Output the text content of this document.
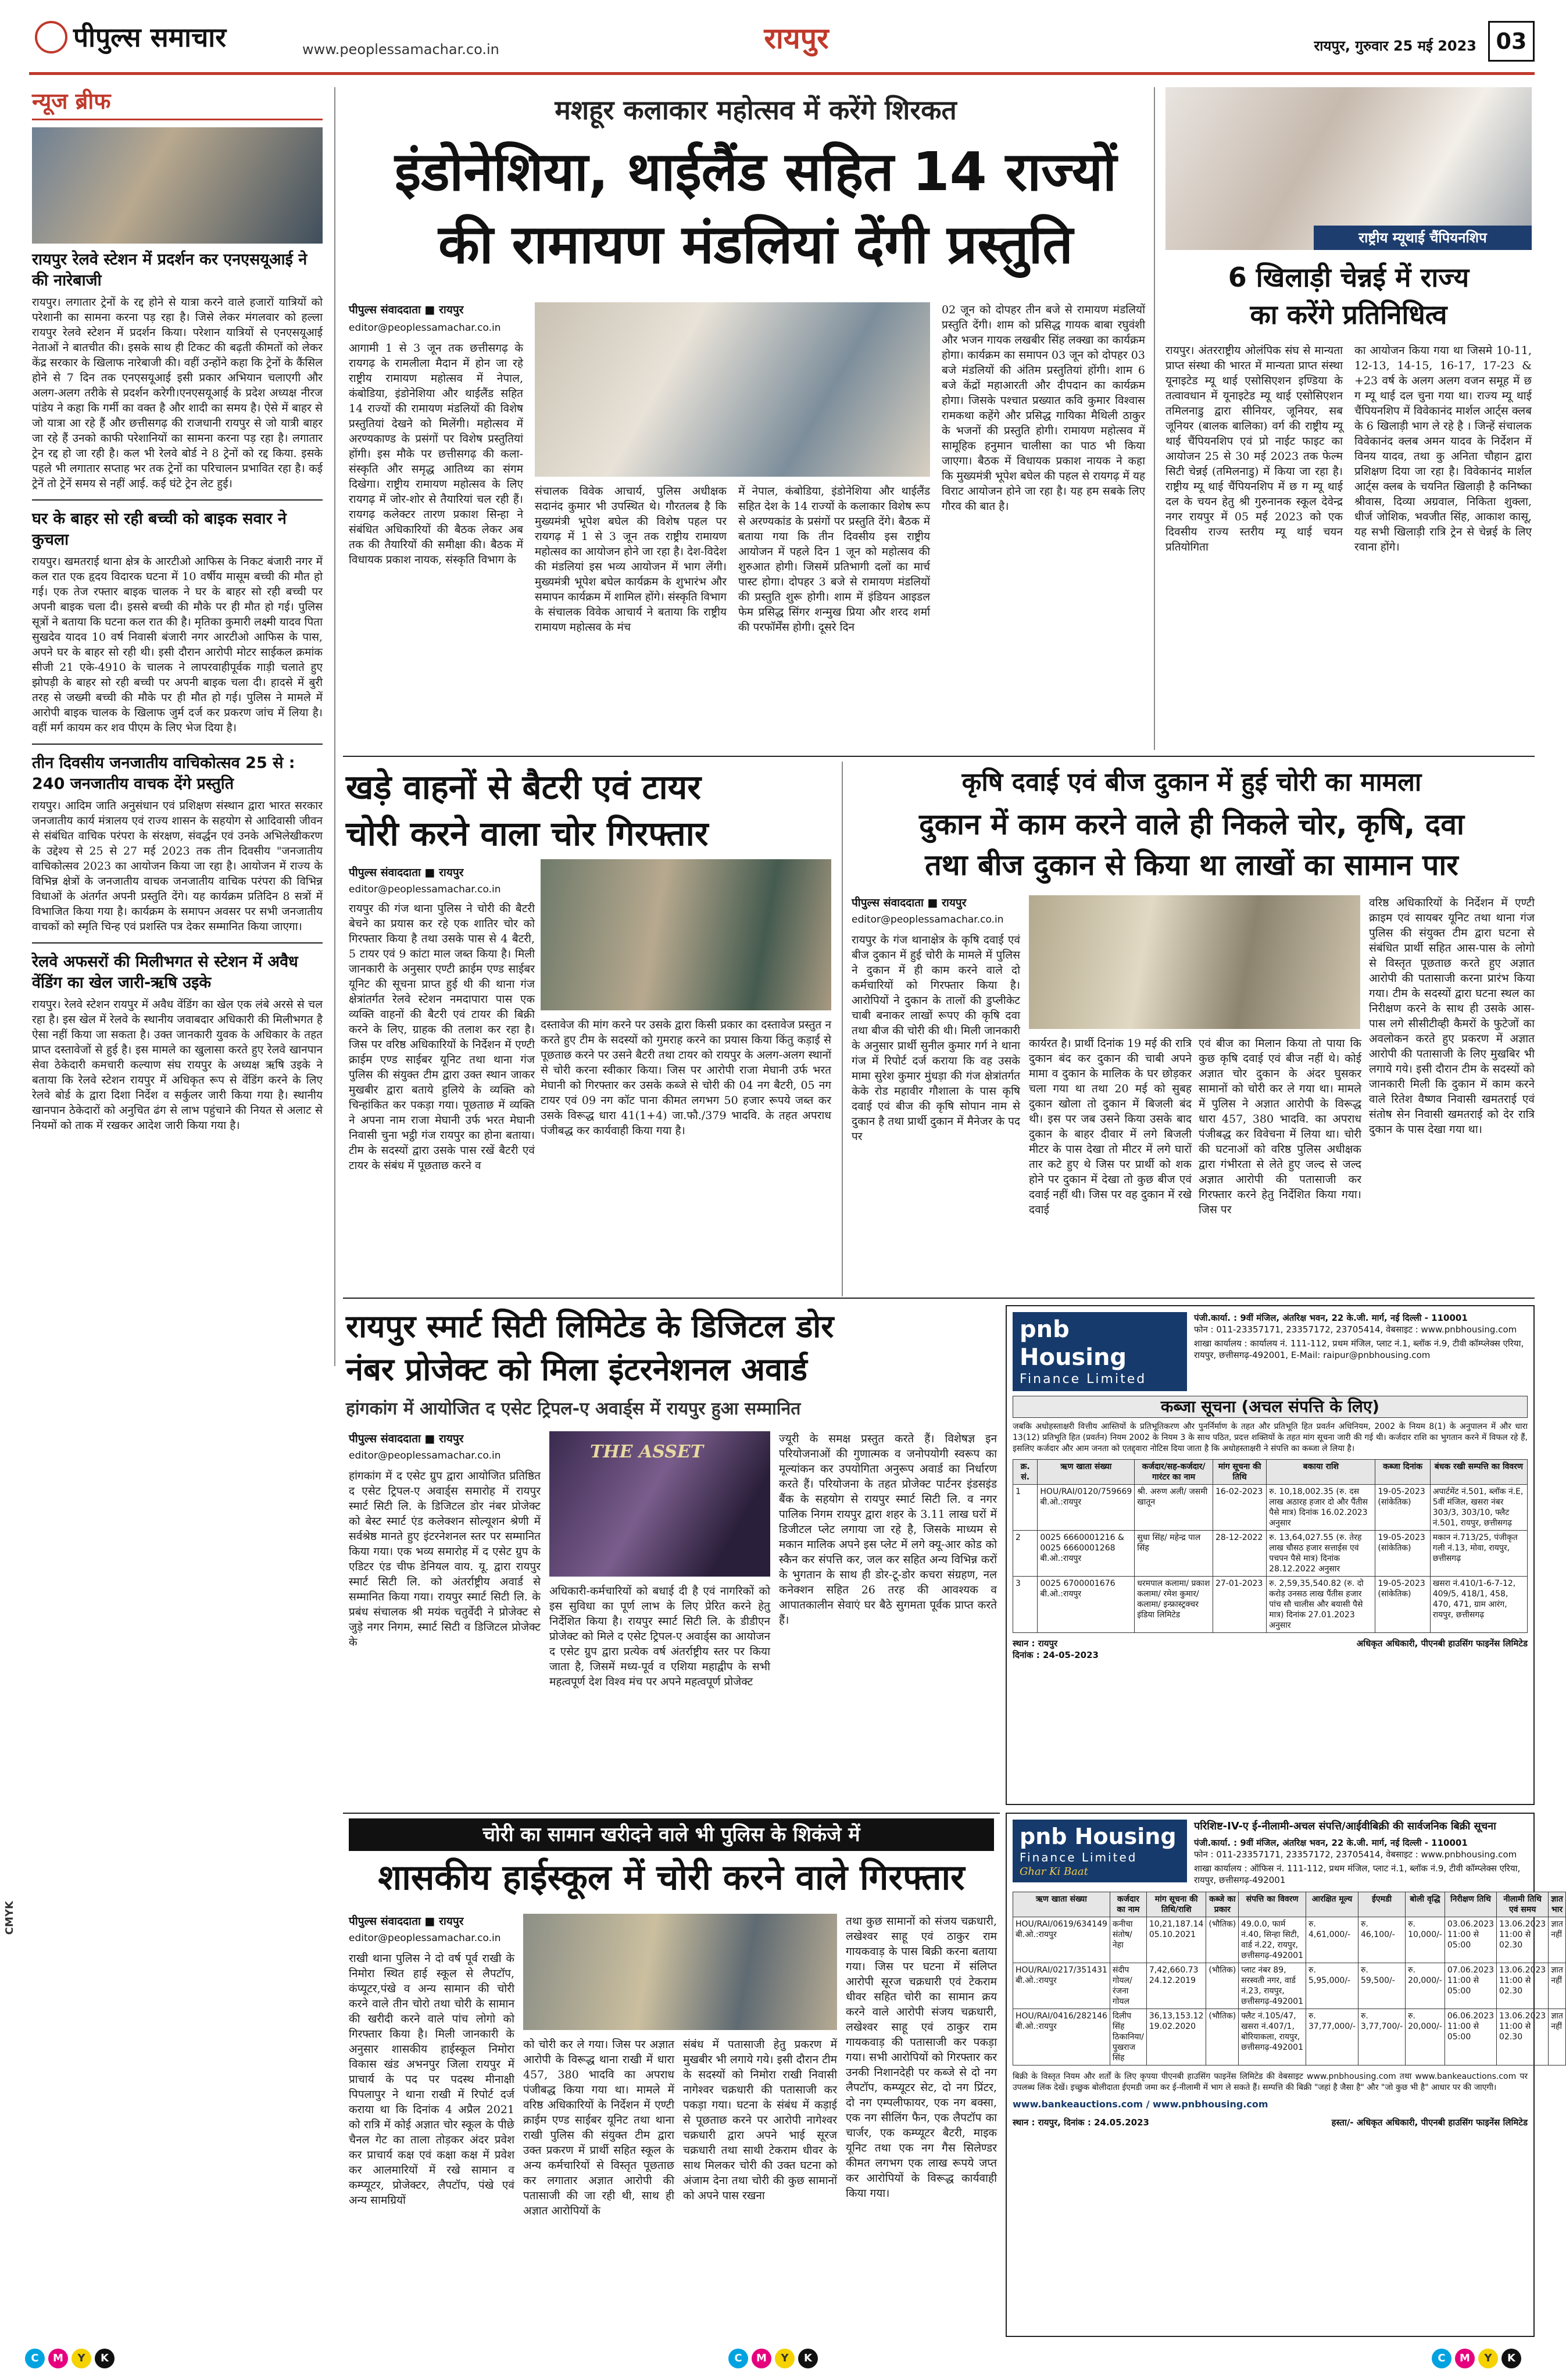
पीपुल्स समाचार	www.peoplessamachar.co.in	रायपुर	रायपुर, गुरुवार 25 मई 2023 03
न्यूज ब्रीफ
रायपुर रेलवे स्टेशन में प्रदर्शन कर एनएसयूआई ने की नारेबाजी

रायपुर। लगातार ट्रेनों के रद्द होने से यात्रा करने वाले हजारों यात्रियों को परेशानी का सामना करना पड़ रहा है। जिसे लेकर मंगलवार को हल्ला रायपुर रेलवे स्टेशन में प्रदर्शन किया। परेशान यात्रियों से एनएसयूआई नेताओं ने बातचीत की। इसके साथ ही टिकट की बढ़ती कीमतों को लेकर केंद्र सरकार के खिलाफ नारेबाजी की। वहीं उन्होंने कहा कि ट्रेनों के कैंसिल होने से 7 दिन तक एनएसयूआई इसी प्रकार अभियान चलाएगी और अलग-अलग तरीके से प्रदर्शन करेगी।एनएसयूआई के प्रदेश अध्यक्ष नीरज पांडेय ने कहा कि गर्मी का वक्त है और शादी का समय है। ऐसे में बाहर से जो यात्रा आ रहे हैं और छत्तीसगढ़ की राजधानी रायपुर से जो यात्री बाहर जा रहे हैं उनको काफी परेशानियों का सामना करना पड़ रहा है। लगातार ट्रेन रद्द हो जा रही है। कल भी रेलवे बोर्ड ने 8 ट्रेनों को रद्द किया. इसके पहले भी लगातार सप्ताह भर तक ट्रेनों का परिचालन प्रभावित रहा है। कई ट्रेनें तो ट्रेनें समय से नहीं आई. कई घंटे ट्रेन लेट हुई।

घर के बाहर सो रही बच्ची को बाइक सवार ने कुचला

रायपुर। खमतराई थाना क्षेत्र के आरटीओ आफिस के निकट बंजारी नगर में कल रात एक हृदय विदारक घटना में 10 वर्षीय मासूम बच्ची की मौत हो गई। एक तेज रफ्तार बाइक चालक ने घर के बाहर सो रही बच्ची पर अपनी बाइक चला दी। इससे बच्ची की मौके पर ही मौत हो गई। पुलिस सूत्रों ने बताया कि घटना कल रात की है। मृतिका कुमारी लक्ष्मी यादव पिता सुखदेव यादव 10 वर्ष निवासी बंजारी नगर आरटीओ आफिस के पास, अपने घर के बाहर सो रही थी। इसी दौरान आरोपी मोटर साईकल क्रमांक सीजी 21 एके-4910 के चालक ने लापरवाहीपूर्वक गाड़ी चलाते हुए झोपड़ी के बाहर सो रही बच्ची पर अपनी बाइक चला दी। हादसे में बुरी तरह से जख्मी बच्ची की मौके पर ही मौत हो गई। पुलिस ने मामले में आरोपी बाइक चालक के खिलाफ जुर्म दर्ज कर प्रकरण जांच में लिया है। वहीं मर्ग कायम कर शव पीएम के लिए भेज दिया है।

तीन दिवसीय जनजातीय वाचिकोत्सव 25 से : 240 जनजातीय वाचक देंगे प्रस्तुति

रायपुर। आदिम जाति अनुसंधान एवं प्रशिक्षण संस्थान द्वारा भारत सरकार जनजातीय कार्य मंत्रालय एवं राज्य शासन के सहयोग से आदिवासी जीवन से संबंधित वाचिक परंपरा के संरक्षण, संवर्द्धन एवं उनके अभिलेखीकरण के उद्देश्य से 25 से 27 मई 2023 तक तीन दिवसीय "जनजातीय वाचिकोत्सव 2023 का आयोजन किया जा रहा है। आयोजन में राज्य के विभिन्न क्षेत्रों के जनजातीय वाचक जनजातीय वाचिक परंपरा की विभिन्न विधाओं के अंतर्गत अपनी प्रस्तुति देंगे। यह कार्यक्रम प्रतिदिन 8 सत्रों में विभाजित किया गया है। कार्यक्रम के समापन अवसर पर सभी जनजातीय वाचकों को स्मृति चिन्ह एवं प्रशस्ति पत्र देकर सम्मानित किया जाएगा।

रेलवे अफसरों की मिलीभगत से स्टेशन में अवैध वेंडिंग का खेल जारी-ऋषि उइके

रायपुर। रेलवे स्टेशन रायपुर में अवैध वेंडिंग का खेल एक लंबे अरसे से चल रहा है। इस खेल में रेलवे के स्थानीय जवाबदार अधिकारी की मिलीभगत है ऐसा नहीं किया जा सकता है। उक्त जानकारी युवक के अधिकार के तहत प्राप्त दस्तावेजों से हुई है। इस मामले का खुलासा करते हुए रेलवे खानपान सेवा ठेकेदारी कमचारी कल्याण संघ रायपुर के अध्यक्ष ऋषि उइके ने बताया कि रेलवे स्टेशन रायपुर में अधिकृत रूप से वेंडिंग करने के लिए रेलवे बोर्ड के द्वारा दिशा निर्देश व सर्कुलर जारी किया गया है। स्थानीय खानपान ठेकेदारों को अनुचित ढंग से लाभ पहुंचाने की नियत से अलाट से नियमों को ताक में रखकर आदेश जारी किया गया है।

मशहूर कलाकार महोत्सव में करेंगे शिरकत
इंडोनेशिया, थाईलैंड सहित 14 राज्यों
की रामायण मंडलियां देंगी प्रस्तुति
पीपुल्स संवाददाता ■ रायपुर
editor@peoplessamachar.co.in

आगामी 1 से 3 जून तक छत्तीसगढ़ के रायगढ़ के रामलीला मैदान में होन जा रहे राष्ट्रीय रामायण महोत्सव में नेपाल, कंबोडिया, इंडोनेशिया और थाईलैंड सहित 14 राज्यों की रामायण मंडलियों की विशेष प्रस्तुतियां देखने को मिलेंगी। महोत्सव में अरण्यकाण्ड के प्रसंगों पर विशेष प्रस्तुतियां होंगी। इस मौके पर छत्तीसगढ़ की कला-संस्कृति और समृद्ध आतिथ्य का संगम दिखेगा। राष्ट्रीय रामायण महोत्सव के लिए रायगढ़ में जोर-शोर से तैयारियां चल रही हैं। रायगढ़ कलेक्टर तारण प्रकाश सिन्हा ने संबंधित अधिकारियों की बैठक लेकर अब तक की तैयारियों की समीक्षा की। बैठक में विधायक प्रकाश नायक, संस्कृति विभाग के

संचालक विवेक आचार्य, पुलिस अधीक्षक सदानंद कुमार भी उपस्थित थे। गौरतलब है कि मुख्यमंत्री भूपेश बघेल की विशेष पहल पर रायगढ़ में 1 से 3 जून तक राष्ट्रीय रामायण महोत्सव का आयोजन होने जा रहा है। देश-विदेश की मंडलियां इस भव्य आयोजन में भाग लेंगी। मुख्यमंत्री भूपेश बघेल कार्यक्रम के शुभारंभ और समापन कार्यक्रम में शामिल होंगे। संस्कृति विभाग के संचालक विवेक आचार्य ने बताया कि राष्ट्रीय रामायण महोत्सव के मंच

में नेपाल, कंबोडिया, इंडोनेशिया और थाईलैंड सहित देश के 14 राज्यों के कलाकार विशेष रूप से अरण्यकांड के प्रसंगों पर प्रस्तुति देंगे। बैठक में बताया गया कि तीन दिवसीय इस राष्ट्रीय आयोजन में पहले दिन 1 जून को महोत्सव की शुरुआत होगी। जिसमें प्रतिभागी दलों का मार्च पास्ट होगा। दोपहर 3 बजे से रामायण मंडलियों की प्रस्तुति शुरू होगी। शाम में इंडियन आइडल फेम प्रसिद्ध सिंगर शन्मुख प्रिया और शरद शर्मा की परफॉर्मेंस होगी। दूसरे दिन

02 जून को दोपहर तीन बजे से रामायण मंडलियों प्रस्तुति देंगी। शाम को प्रसिद्ध गायक बाबा रघुवंशी और भजन गायक लखबीर सिंह लक्खा का कार्यक्रम होगा। कार्यक्रम का समापन 03 जून को दोपहर 03 बजे मंडलियों की अंतिम प्रस्तुतियां होंगी। शाम 6 बजे केंद्रों महाआरती और दीपदान का कार्यक्रम होगा। जिसके पश्चात प्रख्यात कवि कुमार विश्वास रामकथा कहेंगे और प्रसिद्ध गायिका मैथिली ठाकुर के भजनों की प्रस्तुति होगी। रामायण महोत्सव में सामूहिक हनुमान चालीसा का पाठ भी किया जाएगा। बैठक में विधायक प्रकाश नायक ने कहा कि मुख्यमंत्री भूपेश बघेल की पहल से रायगढ़ में यह विराट आयोजन होने जा रहा है। यह हम सबके लिए गौरव की बात है।

राष्ट्रीय म्यूथाई चैंपियनशिप
6 खिलाड़ी चेन्नई में राज्य
का करेंगे प्रतिनिधित्व

रायपुर। अंतरराष्ट्रीय ओलंपिक संघ से मान्यता प्राप्त संस्था की भारत में मान्यता प्राप्त संस्था यूनाइटेड म्यू थाई एसोसिएशन इण्डिया के तत्वावधान में यूनाइटेड म्यू थाई एसोसिएशन तमिलनाडु द्वारा सीनियर, जूनियर, सब जूनियर (बालक बालिका) वर्ग की राष्ट्रीय म्यू थाई चैंपियनशिप एवं प्रो नाईट फाइट का आयोजन 25 से 30 मई 2023 तक फेल्म सिटी चेन्नई (तमिलनाडु) में किया जा रहा है। राष्ट्रीय म्यू थाई चैंपियनशिप में छ ग म्यू थाई दल के चयन हेतु श्री गुरुनानक स्कूल देवेन्द्र नगर रायपुर में 05 मई 2023 को एक दिवसीय राज्य स्तरीय म्यू थाई चयन प्रतियोगिता

का आयोजन किया गया था जिसमे 10-11, 12-13, 14-15, 16-17, 17-23 & +23 वर्ष के अलग अलग वजन समूह में छ ग म्यू थाई दल चुना गया था। राज्य म्यू थाई चैंपियनशिप में विवेकानंद मार्शल आर्ट्स क्लब के 6 खिलाड़ी भाग ले रहे है । जिन्हें संचालक विवेकानंद क्लब अमन यादव के निर्देशन में विनय यादव, तथा कु अनिता चौहान द्वारा प्रशिक्षण दिया जा रहा है। विवेकानंद मार्शल आर्ट्स क्लब के चयनित खिलाड़ी है कनिष्का श्रीवास, दिव्या अग्रवाल, निकिता शुक्ला, धीर्ज जोशिक, भवजीत सिंह, आकाश कासू, यह सभी खिलाड़ी रात्रि ट्रेन से चेन्नई के लिए रवाना होंगे।

खड़े वाहनों से बैटरी एवं टायर
चोरी करने वाला चोर गिरफ्तार
पीपुल्स संवाददाता ■ रायपुर
editor@peoplessamachar.co.in

रायपुर की गंज थाना पुलिस ने चोरी की बैटरी बेचने का प्रयास कर रहे एक शातिर चोर को गिरफ्तार किया है तथा उसके पास से 4 बैटरी, 5 टायर एवं 9 कांटा माल जब्त किया है। मिली जानकारी के अनुसार एण्टी क्राईम एण्ड साईबर यूनिट की सूचना प्राप्त हुई थी की थाना गंज क्षेत्रांतर्गत रेलवे स्टेशन नमदापारा पास एक व्यक्ति वाहनों की बैटरी एवं टायर की बिक्री करने के लिए, ग्राहक की तलाश कर रहा है। जिस पर वरिष्ठ अधिकारियों के निर्देशन में एण्टी क्राईम एण्ड साईबर यूनिट तथा थाना गंज पुलिस की संयुक्त टीम द्वारा उक्त स्थान जाकर मुखबीर द्वारा बताये हुलिये के व्यक्ति को चिन्हांकित कर पकड़ा गया। पूछताछ में व्यक्ति ने अपना नाम राजा मेघानी उर्फ भरत मेघानी निवासी चुना भट्ठी गंज रायपुर का होना बताया। टीम के सदस्यों द्वारा उसके पास रखें बैटरी एवं टायर के संबंध में पूछताछ करने व

दस्तावेज की मांग करने पर उसके द्वारा किसी प्रकार का दस्तावेज प्रस्तुत न करते हुए टीम के सदस्यों को गुमराह करने का प्रयास किया किंतु कड़ाई से पूछताछ करने पर उसने बैटरी तथा टायर को रायपुर के अलग-अलग स्थानों से चोरी करना स्वीकार किया। जिस पर आरोपी राजा मेघानी उर्फ भरत मेघानी को गिरफ्तार कर उसके कब्जे से चोरी की 04 नग बैटरी, 05 नग टायर एवं 09 नग कॉट पाना कीमत लगभग 50 हजार रूपये जब्त कर उसके विरूद्ध धारा 41(1+4) जा.फौ./379 भादवि. के तहत अपराध पंजीबद्ध कर कार्यवाही किया गया है।

कृषि दवाई एवं बीज दुकान में हुई चोरी का मामला
दुकान में काम करने वाले ही निकले चोर, कृषि, दवा
तथा बीज दुकान से किया था लाखों का सामान पार
पीपुल्स संवाददाता ■ रायपुर
editor@peoplessamachar.co.in

रायपुर के गंज थानाक्षेत्र के कृषि दवाई एवं बीज दुकान में हुई चोरी के मामले में पुलिस ने दुकान में ही काम करने वाले दो कर्मचारियों को गिरफ्तार किया है। आरोपियों ने दुकान के तालों की डुप्लीकेट चाबी बनाकर लाखों रूपए की कृषि दवा तथा बीज की चोरी की थी। मिली जानकारी के अनुसार प्रार्थी सुनील कुमार गर्ग ने थाना गंज में रिपोर्ट दर्ज कराया कि वह उसके मामा सुरेश कुमार मुंधड़ा की गंज क्षेत्रांतर्गत केके रोड महावीर गौशाला के पास कृषि दवाई एवं बीज की कृषि सोपान नाम से दुकान है तथा प्रार्थी दुकान में मैनेजर के पद पर

कार्यरत है। प्रार्थी दिनांक 19 मई की रात्रि दुकान बंद कर दुकान की चाबी अपने मामा व दुकान के मालिक के घर छोड़कर चला गया था तथा 20 मई को सुबह दुकान खोला तो दुकान में बिजली बंद थी। इस पर जब उसने किया उसके बाद दुकान के बाहर दीवार में लगे बिजली मीटर के पास देखा तो मीटर में लगे घारों तार कटे हुए थे जिस पर प्रार्थी को शक होने पर दुकान में देखा तो कुछ बीज एवं दवाई नहीं थी। जिस पर वह दुकान में रखे दवाई

एवं बीज का मिलान किया तो पाया कि कुछ कृषि दवाई एवं बीज नहीं थे। कोई अज्ञात चोर दुकान के अंदर घुसकर सामानों को चोरी कर ले गया था। मामले में पुलिस ने अज्ञात आरोपी के विरूद्ध धारा 457, 380 भादवि. का अपराध पंजीबद्ध कर विवेचना में लिया था। चोरी की घटनाओं को वरिष्ठ पुलिस अधीक्षक द्वारा गंभीरता से लेते हुए जल्द से जल्द अज्ञात आरोपी की पतासाजी कर गिरफ्तार करने हेतु निर्देशित किया गया। जिस पर

वरिष्ठ अधिकारियों के निर्देशन में एण्टी क्राइम एवं सायबर यूनिट तथा थाना गंज पुलिस की संयुक्त टीम द्वारा घटना से संबंधित प्रार्थी सहित आस-पास के लोगो से विस्तृत पूछताछ करते हुए अज्ञात आरोपी की पतासाजी करना प्रारंभ किया गया। टीम के सदस्यों द्वारा घटना स्थल का निरीक्षण करने के साथ ही उसके आस-पास लगे सीसीटीव्ही कैमरों के फुटेजों का अवलोकन करते हुए प्रकरण में अज्ञात आरोपी की पतासाजी के लिए मुखबिर भी लगाये गये। इसी दौरान टीम के सदस्यों को जानकारी मिली कि दुकान में काम करने वाले रितेश वैष्णव निवासी खमतराई एवं संतोष सेन निवासी खमतराई को देर रात्रि दुकान के पास देखा गया था।

रायपुर स्मार्ट सिटी लिमिटेड के डिजिटल डोर
नंबर प्रोजेक्ट को मिला इंटरनेशनल अवार्ड
हांगकांग में आयोजित द एसेट ट्रिपल-ए अवार्ड्स में रायपुर हुआ सम्मानित
पीपुल्स संवाददाता ■ रायपुर
editor@peoplessamachar.co.in

हांगकांग में द एसेट ग्रुप द्वारा आयोजित प्रतिष्ठित द एसेट ट्रिपल-ए अवार्ड्स समारोह में रायपुर स्मार्ट सिटी लि. के डिजिटल डोर नंबर प्रोजेक्ट को बेस्ट स्मार्ट एंड कलेक्शन सोल्यूशन श्रेणी में सर्वश्रेष्ठ मानते हुए इंटरनेशनल स्तर पर सम्मानित किया गया। एक भव्य समारोह में द एसेट ग्रुप के एडिटर एंड चीफ डेनियल वाय. यू. द्वारा रायपुर स्मार्ट सिटी लि. को अंतर्राष्ट्रीय अवार्ड से सम्मानित किया गया। रायपुर स्मार्ट सिटी लि. के प्रबंध संचालक श्री मयंक चतुर्वेदी ने प्रोजेक्ट से जुड़े नगर निगम, स्मार्ट सिटी व डिजिटल प्रोजेक्ट के

THE ASSET

अधिकारी-कर्मचारियों को बधाई दी है एवं नागरिकों को इस सुविधा का पूर्ण लाभ के लिए प्रेरित करने हेतु निर्देशित किया है। रायपुर स्मार्ट सिटी लि. के डीडीएन प्रोजेक्ट को मिले द एसेट ट्रिपल-ए अवार्ड्स का आयोजन द एसेट ग्रुप द्वारा प्रत्येक वर्ष अंतर्राष्ट्रीय स्तर पर किया जाता है, जिसमें मध्य-पूर्व व एशिया महाद्वीप के सभी महत्वपूर्ण देश विश्व मंच पर अपने महत्वपूर्ण प्रोजेक्ट

ज्यूरी के समक्ष प्रस्तुत करते हैं। विशेषज्ञ इन परियोजनाओं की गुणात्मक व जनोपयोगी स्वरूप का मूल्यांकन कर उपयोगिता अनुरूप अवार्ड का निर्धारण करते हैं। परियोजना के तहत प्रोजेक्ट पार्टनर इंडसइंड बैंक के सहयोग से रायपुर स्मार्ट सिटी लि. व नगर पालिक निगम रायपुर द्वारा शहर के 3.11 लाख घरों में डिजीटल प्लेट लगाया जा रहे है, जिसके माध्यम से मकान मालिक अपने इस प्लेट में लगे क्यू-आर कोड को स्कैन कर संपत्ति कर, जल कर सहित अन्य विभिन्न करों के भुगतान के साथ ही डोर-टू-डोर कचरा संग्रहण, नल कनेक्शन सहित 26 तरह की आवश्यक व आपातकालीन सेवाएं घर बैठे सुगमता पूर्वक प्राप्त करते हैं।

pnb Housing
Finance Limited
पंजी.कार्या. : 9वीं मंजिल, अंतरिक्ष भवन, 22 के.जी. मार्ग, नई दिल्ली - 110001
फोन : 011-23357171, 23357172, 23705414, वेबसाइट : www.pnbhousing.com
शाखा कार्यालय : कार्यालय नं. 111-112, प्रथम मंजिल, प्लाट नं.1, ब्लॉक नं.9, टीवी कॉम्प्लेक्स एरिया, रायपुर, छत्तीसगढ़-492001, E-Mail: raipur@pnbhousing.com
कब्जा सूचना (अचल संपत्ति के लिए)

जबकि अधोहस्ताक्षरी वित्तीय आस्तियों के प्रतिभूतिकरण और पुनर्निर्माण के तहत और प्रतिभूति हित प्रवर्तन अधिनियम, 2002 के नियम 8(1) के अनुपालन में और धारा 13(12) प्रतिभूति हित (प्रवर्तन) नियम 2002 के नियम 3 के साथ पठित, प्रदत्त शक्तियों के तहत मांग सूचना जारी की गई थी। कर्जदार राशि का भुगतान करने में विफल रहे हैं, इसलिए कर्जदार और आम जनता को एतद्द्वारा नोटिस दिया जाता है कि अधोहस्ताक्षरी ने संपत्ति का कब्जा ले लिया है।

क्र. सं.	ऋण खाता संख्या	कर्जदार/सह-कर्जदार/गारंटर का नाम	मांग सूचना की तिथि	बकाया राशि	कब्जा दिनांक	बंधक रखी सम्पत्ति का विवरण
1	HOU/RAI/0120/759669 बी.ओ.:रायपुर	श्री. अरुण अली/ जसमी खातून	16-02-2023	रु. 10,18,002.35 (रु. दस लाख अठारह हजार दो और पैंतीस पैसे मात्र) दिनांक 16.02.2023 अनुसार	19-05-2023 (सांकेतिक)	अपार्टमेंट नं.501, ब्लॉक नं.E, 5वीं मंजिल, खसरा नंबर 303/3, 303/10, फ्लैट नं.501, रायपुर, छत्तीसगढ़
2	0025 6660001216 & 0025 6660001268 बी.ओ.:रायपुर	सुधा सिंह/ महेन्द्र पाल सिंह	28-12-2022	रु. 13,64,027.55 (रु. तेरह लाख चौसठ हजार सत्ताईस एवं पचपन पैसे मात्र) दिनांक 28.12.2022 अनुसार	19-05-2023 (सांकेतिक)	मकान नं.713/25, पंजीकृत गली नं.13, मोवा, रायपुर, छत्तीसगढ़
3	0025 6700001676 बी.ओ.:रायपुर	धरमपाल कलामा/ प्रकाश कलामा/ रमेश कुमार/ कलामा/ इन्फ्रास्ट्रक्चर इंडिया लिमिटेड	27-01-2023	रु. 2,59,35,540.82 (रु. दो करोड़ उनसठ लाख पैंतीस हजार पांच सौ चालीस और बयासी पैसे मात्र) दिनांक 27.01.2023 अनुसार	19-05-2023 (सांकेतिक)	खसरा नं.410/1-6-7-12, 409/5, 418/1, 458, 470, 471, ग्राम आरंग, रायपुर, छत्तीसगढ़
स्थान : रायपुर
दिनांक : 24-05-2023
अधिकृत अधिकारी, पीएनबी हाउसिंग फाइनेंस लिमिटेड
चोरी का सामान खरीदने वाले भी पुलिस के शिकंजे में
शासकीय हाईस्कूल में चोरी करने वाले गिरफ्तार
पीपुल्स संवाददाता ■ रायपुर
editor@peoplessamachar.co.in

राखी थाना पुलिस ने दो वर्ष पूर्व राखी के निमोरा स्थित हाई स्कूल से लैपटॉप, कंप्यूटर,पंखे व अन्य सामान की चोरी करने वाले तीन चोरो तथा चोरी के सामान की खरीदी करने वाले पांच लोगो को गिरफ्तार किया है। मिली जानकारी के अनुसार शासकीय हाईस्कूल निमोरा विकास खंड अभनपुर जिला रायपुर में प्राचार्य के पद पर पदस्थ मीनाक्षी पिपलापुर ने थाना राखी में रिपोर्ट दर्ज कराया था कि दिनांक 4 अप्रैल 2021 को रात्रि में कोई अज्ञात चोर स्कूल के पीछे चैनल गेट का ताला तोड़कर अंदर प्रवेश कर प्राचार्य कक्ष एवं कक्षा कक्ष में प्रवेश कर आलमारियों में रखे सामान व कम्प्यूटर, प्रोजेक्टर, लैपटॉप, पंखे एवं अन्य सामग्रियों

को चोरी कर ले गया। जिस पर अज्ञात आरोपी के विरूद्ध थाना राखी में धारा 457, 380 भादवि का अपराध पंजीबद्ध किया गया था। मामले में वरिष्ठ अधिकारियों के निर्देशन में एण्टी क्राईम एण्ड साईबर यूनिट तथा थाना राखी पुलिस की संयुक्त टीम द्वारा उक्त प्रकरण में प्रार्थी सहित स्कूल के अन्य कर्मचारियों से विस्तृत पूछताछ कर लगातार अज्ञात आरोपी की पतासाजी की जा रही थी, साथ ही अज्ञात आरोपियों के

संबंध में पतासाजी हेतु प्रकरण में मुखबीर भी लगाये गये। इसी दौरान टीम के सदस्यों को निमोरा राखी निवासी नागेश्वर चक्रधारी की पतासाजी कर पकड़ा गया। घटना के संबंध में कड़ाई से पूछताछ करने पर आरोपी नागेश्वर चक्रधारी द्वारा अपने भाई सूरज चक्रधारी तथा साथी टेकराम धीवर के साथ मिलकर चोरी की उक्त घटना को अंजाम देना तथा चोरी की कुछ सामानों को अपने पास रखना

तथा कुछ सामानों को संजय चक्रधारी, लखेश्वर साहू एवं ठाकुर राम गायकवाड़ के पास बिक्री करना बताया गया। जिस पर घटना में संलिप्त आरोपी सूरज चक्रधारी एवं टेकराम धीवर सहित चोरी का सामान क्रय करने वाले आरोपी संजय चक्रधारी, लखेश्वर साहू एवं ठाकुर राम गायकवाड़ की पतासाजी कर पकड़ा गया। सभी आरोपियों को गिरफ्तार कर उनकी निशानदेही पर कब्जे से दो नग लैपटॉप, कम्प्यूटर सेट, दो नग प्रिंटर, दो नग एम्पलीफायर, एक नग बक्सा, एक नग सीलिंग फैन, एक लैपटॉप का चार्जर, एक कम्प्यूटर बैटरी, माइक यूनिट तथा एक नग गैस सिलेण्डर कीमत लगभग एक लाख रूपये जप्त कर आरोपियों के विरूद्ध कार्यवाही किया गया।

pnb Housing
Finance Limited
Ghar Ki Baat
परिशिष्ट-IV-ए ई-नीलामी-अचल संपत्ति/आईवीबिक्री की सार्वजनिक बिक्री सूचना
पंजी.कार्या. : 9वीं मंजिल, अंतरिक्ष भवन, 22 के.जी. मार्ग, नई दिल्ली - 110001
फोन : 011-23357171, 23357172, 23705414, वेबसाइट : www.pnbhousing.com
शाखा कार्यालय : ऑफिस नं. 111-112, प्रथम मंजिल, प्लाट नं.1, ब्लॉक नं.9, टीवी कॉम्प्लेक्स एरिया, रायपुर, छत्तीसगढ़-492001
ऋण खाता संख्या	कर्जदार का नाम	मांग सूचना की तिथि/राशि	कब्जे का प्रकार	संपत्ति का विवरण	आरक्षित मूल्य	ईएमडी	बोली वृद्धि	निरीक्षण तिथि	नीलामी तिथि एवं समय	ज्ञात भार
HOU/RAI/0619/634149 बी.ओ.:रायपुर	कनीचा संतोष/ नेहा	10,21,187.14 05.10.2021	(भौतिक)	49.0.0, फार्म नं.40, सिन्हा सिटी, वार्ड नं.22, रायपुर, छत्तीसगढ़-492001	रु. 4,61,000/-	रु. 46,100/-	रु. 10,000/-	03.06.2023 11:00 से 05:00	13.06.2023 11:00 से 02.30	ज्ञात नहीं
HOU/RAI/0217/351431 बी.ओ.:रायपुर	संदीप गोयल/ रंजना गोयल	7,42,660.73 24.12.2019	(भौतिक)	प्लाट नंबर 89, सरस्वती नगर, वार्ड नं.23, रायपुर, छत्तीसगढ़-492001	रु. 5,95,000/-	रु. 59,500/-	रु. 20,000/-	07.06.2023 11:00 से 05:00	13.06.2023 11:00 से 02.30	ज्ञात नहीं
HOU/RAI/0416/282146 बी.ओ.:रायपुर	दिलीप सिंह ठिकानिया/ पुखराज सिंह	36,13,153.12 19.02.2020	(भौतिक)	फ्लैट नं.105/47, खसरा नं.407/1, बोरियाकला, रायपुर, छत्तीसगढ़-492001	रु. 37,77,000/-	रु. 3,77,700/-	रु. 20,000/-	06.06.2023 11:00 से 05:00	13.06.2023 11:00 से 02.30	ज्ञात नहीं

बिक्री के विस्तृत नियम और शर्तों के लिए कृपया पीएनबी हाउसिंग फाइनेंस लिमिटेड की वेबसाइट www.pnbhousing.com तथा www.bankeauctions.com पर उपलब्ध लिंक देखें। इच्छुक बोलीदाता ईएमडी जमा कर ई-नीलामी में भाग ले सकते हैं। सम्पत्ति की बिक्री "जहां है जैसा है" और "जो कुछ भी है" आधार पर की जाएगी।

www.bankeauctions.com / www.pnbhousing.com
स्थान : रायपुर, दिनांक : 24.05.2023	हस्ता/- अधिकृत अधिकारी, पीएनबी हाउसिंग फाइनेंस लिमिटेड
CMYK
C M Y K	C M Y K	C M Y K
